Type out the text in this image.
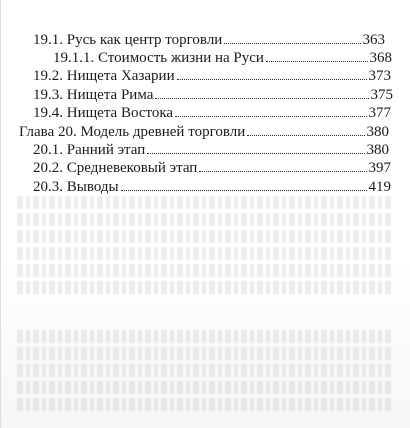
19.1. Русь как центр торговли	363
19.1.1. Стоимость жизни на Руси	368
19.2. Нищета Хазарии	373
19.3. Нищета Рима	375
19.4. Нищета Востока	377
Глава 20. Модель древней торговли	380
20.1. Ранний этап	380
20.2. Средневековый этап	397
20.3. Выводы	419
